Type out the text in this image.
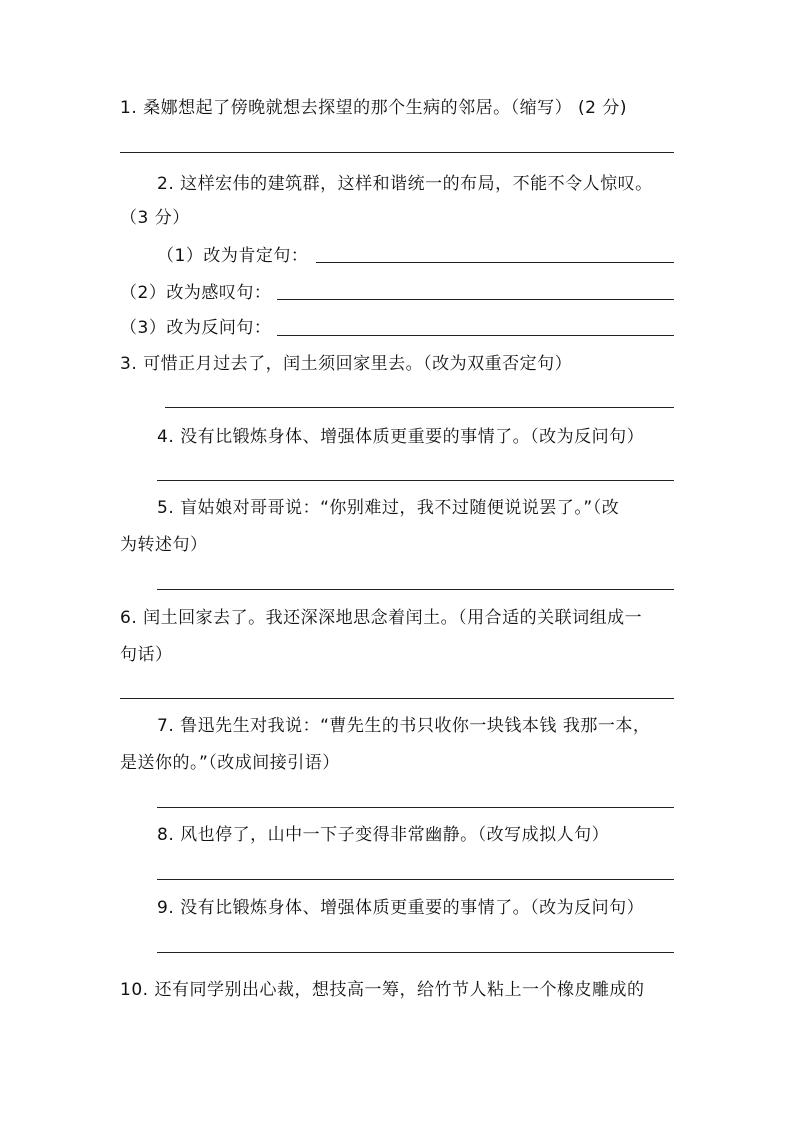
1. 桑娜想起了傍晚就想去探望的那个生病的邻居。（缩写） (2 分)
2. 这样宏伟的建筑群，这样和谐统一的布局，不能不令人惊叹。
（3 分）
（1）改为肯定句：
（2）改为感叹句：
（3）改为反问句：
3. 可惜正月过去了，闰土须回家里去。（改为双重否定句）
4. 没有比锻炼身体、增强体质更重要的事情了。（改为反问句）
5. 盲姑娘对哥哥说：“你别难过，我不过随便说说罢了。”（改
为转述句）
6. 闰土回家去了。我还深深地思念着闰土。（用合适的关联词组成一
句话）
7. 鲁迅先生对我说：“曹先生的书只收你一块钱本钱 我那一本，
是送你的。”（改成间接引语）
8. 风也停了，山中一下子变得非常幽静。（改写成拟人句）
9. 没有比锻炼身体、增强体质更重要的事情了。（改为反问句）
10. 还有同学别出心裁，想技高一筹，给竹节人粘上一个橡皮雕成的
